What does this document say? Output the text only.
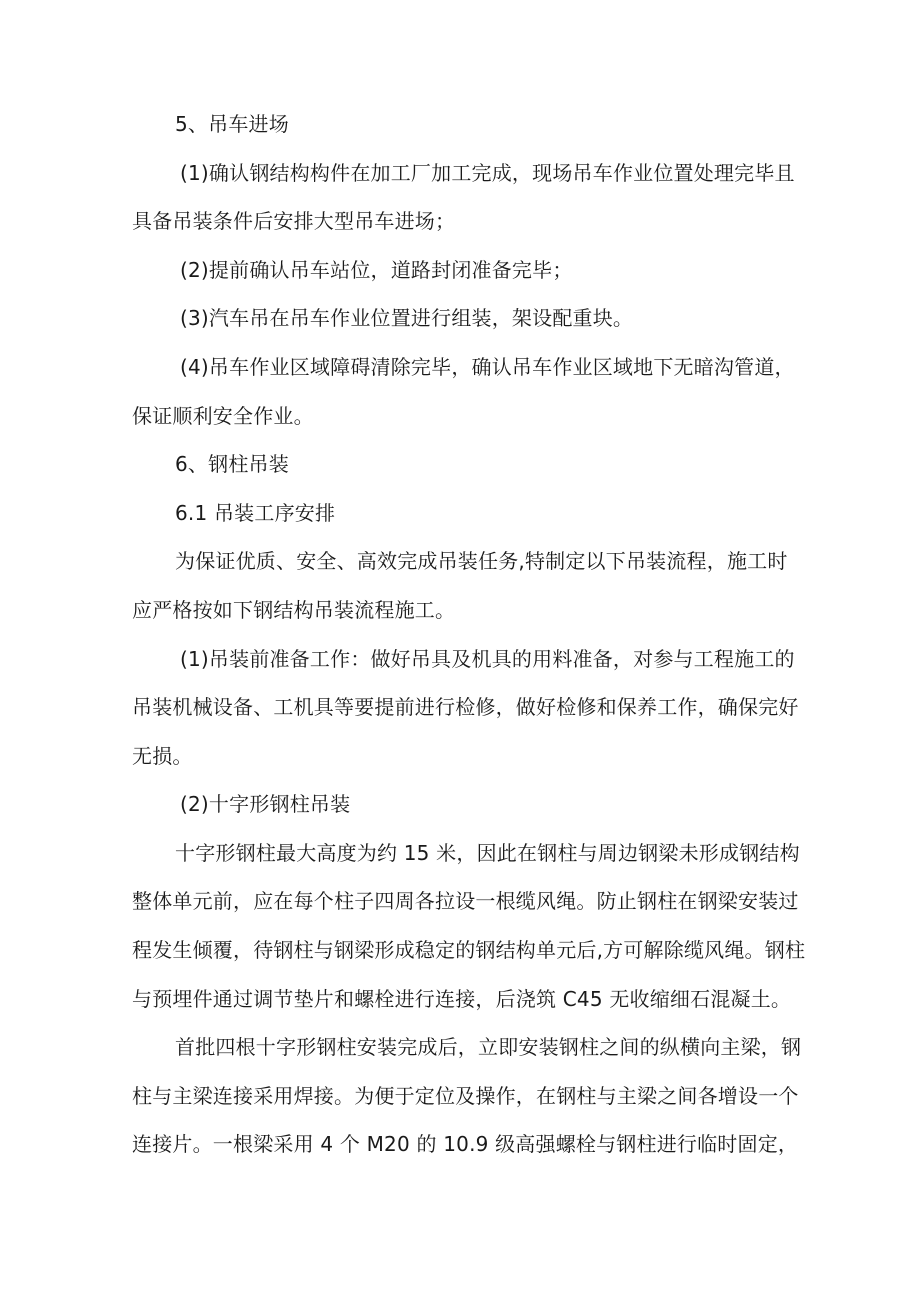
5、吊车进场
(1)确认钢结构构件在加工厂加工完成，现场吊车作业位置处理完毕且
具备吊装条件后安排大型吊车进场；
(2)提前确认吊车站位，道路封闭准备完毕；
(3)汽车吊在吊车作业位置进行组装，架设配重块。
(4)吊车作业区域障碍清除完毕，确认吊车作业区域地下无暗沟管道，
保证顺利安全作业。
6、钢柱吊装
6.1 吊装工序安排
为保证优质、安全、高效完成吊装任务,特制定以下吊装流程，施工时
应严格按如下钢结构吊装流程施工。
(1)吊装前准备工作：做好吊具及机具的用料准备，对参与工程施工的
吊装机械设备、工机具等要提前进行检修，做好检修和保养工作，确保完好
无损。
(2)十字形钢柱吊装
十字形钢柱最大高度为约 15 米，因此在钢柱与周边钢梁未形成钢结构
整体单元前，应在每个柱子四周各拉设一根缆风绳。防止钢柱在钢梁安装过
程发生倾覆，待钢柱与钢梁形成稳定的钢结构单元后,方可解除缆风绳。钢柱
与预埋件通过调节垫片和螺栓进行连接，后浇筑 C45 无收缩细石混凝土。
首批四根十字形钢柱安装完成后，立即安装钢柱之间的纵横向主梁，钢
柱与主梁连接采用焊接。为便于定位及操作，在钢柱与主梁之间各增设一个
连接片。一根梁采用 4 个 M20 的 10.9 级高强螺栓与钢柱进行临时固定，
